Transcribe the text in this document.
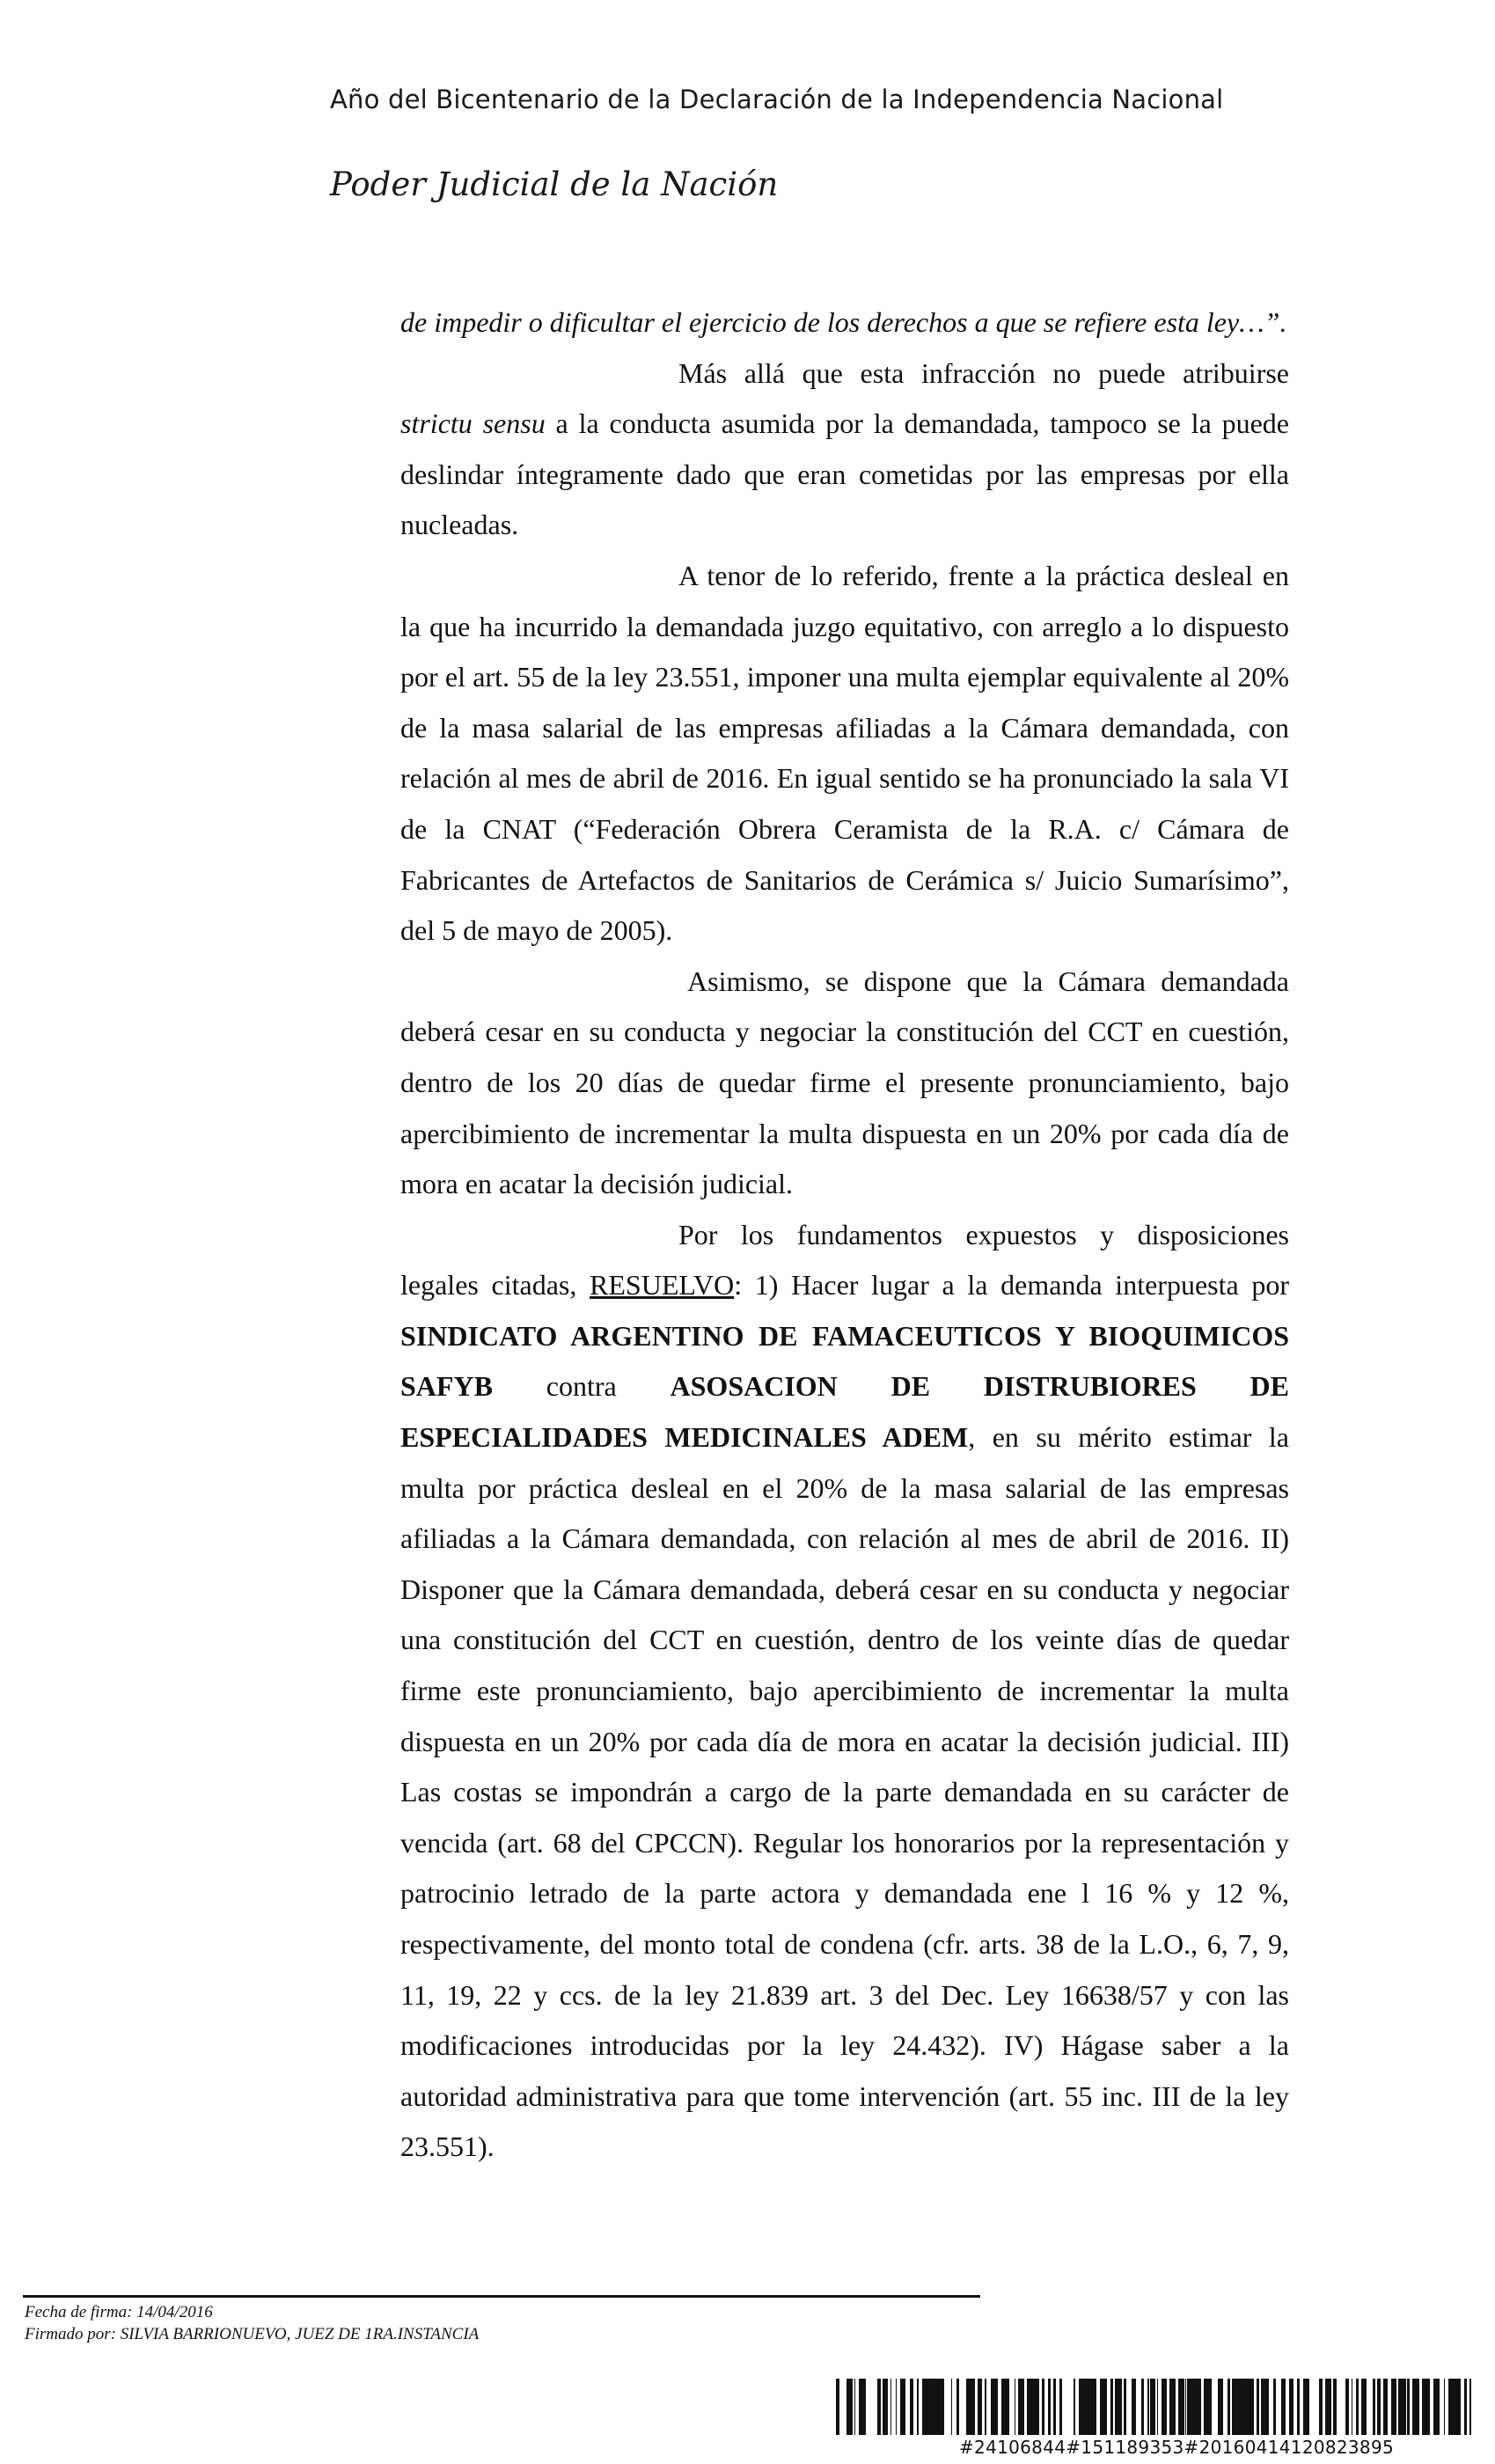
Año del Bicentenario de la Declaración de la Independencia Nacional
Poder Judicial de la Nación

de impedir o dificultar el ejercicio de los derechos a que se refiere esta ley…”.

Más allá que esta infracción no puede atribuirse strictu sensu a la conducta asumida por la demandada, tampoco se la puede deslindar íntegramente dado que eran cometidas por las empresas por ella nucleadas.

A tenor de lo referido, frente a la práctica desleal en la que ha incurrido la demandada juzgo equitativo, con arreglo a lo dispuesto por el art. 55 de la ley 23.551, imponer una multa ejemplar equivalente al 20% de la masa salarial de las empresas afiliadas a la Cámara demandada, con relación al mes de abril de 2016. En igual sentido se ha pronunciado la sala VI de la CNAT (“Federación Obrera Ceramista de la R.A. c/ Cámara de Fabricantes de Artefactos de Sanitarios de Cerámica s/ Juicio Sumarísimo”, del 5 de mayo de 2005).

Asimismo, se dispone que la Cámara demandada deberá cesar en su conducta y negociar la constitución del CCT en cuestión, dentro de los 20 días de quedar firme el presente pronunciamiento, bajo apercibimiento de incrementar la multa dispuesta en un 20% por cada día de mora en acatar la decisión judicial.

Por los fundamentos expuestos y disposiciones legales citadas, RESUELVO: 1) Hacer lugar a la demanda interpuesta por SINDICATO ARGENTINO DE FAMACEUTICOS Y BIOQUIMICOS SAFYB contra ASOSACION DE DISTRUBIORES DE ESPECIALIDADES MEDICINALES ADEM, en su mérito estimar la multa por práctica desleal en el 20% de la masa salarial de las empresas afiliadas a la Cámara demandada, con relación al mes de abril de 2016. II) Disponer que la Cámara demandada, deberá cesar en su conducta y negociar una constitución del CCT en cuestión, dentro de los veinte días de quedar firme este pronunciamiento, bajo apercibimiento de incrementar la multa dispuesta en un 20% por cada día de mora en acatar la decisión judicial. III) Las costas se impondrán a cargo de la parte demandada en su carácter de vencida (art. 68 del CPCCN). Regular los honorarios por la representación y patrocinio letrado de la parte actora y demandada ene l 16 % y 12 %, respectivamente, del monto total de condena (cfr. arts. 38 de la L.O., 6, 7, 9, 11, 19, 22 y ccs. de la ley 21.839 art. 3 del Dec. Ley 16638/57 y con las modificaciones introducidas por la ley 24.432). IV) Hágase saber a la autoridad administrativa para que tome intervención (art. 55 inc. III de la ley 23.551).

Fecha de firma: 14/04/2016
Firmado por: SILVIA BARRIONUEVO, JUEZ DE 1RA.INSTANCIA
#24106844#151189353#20160414120823895
